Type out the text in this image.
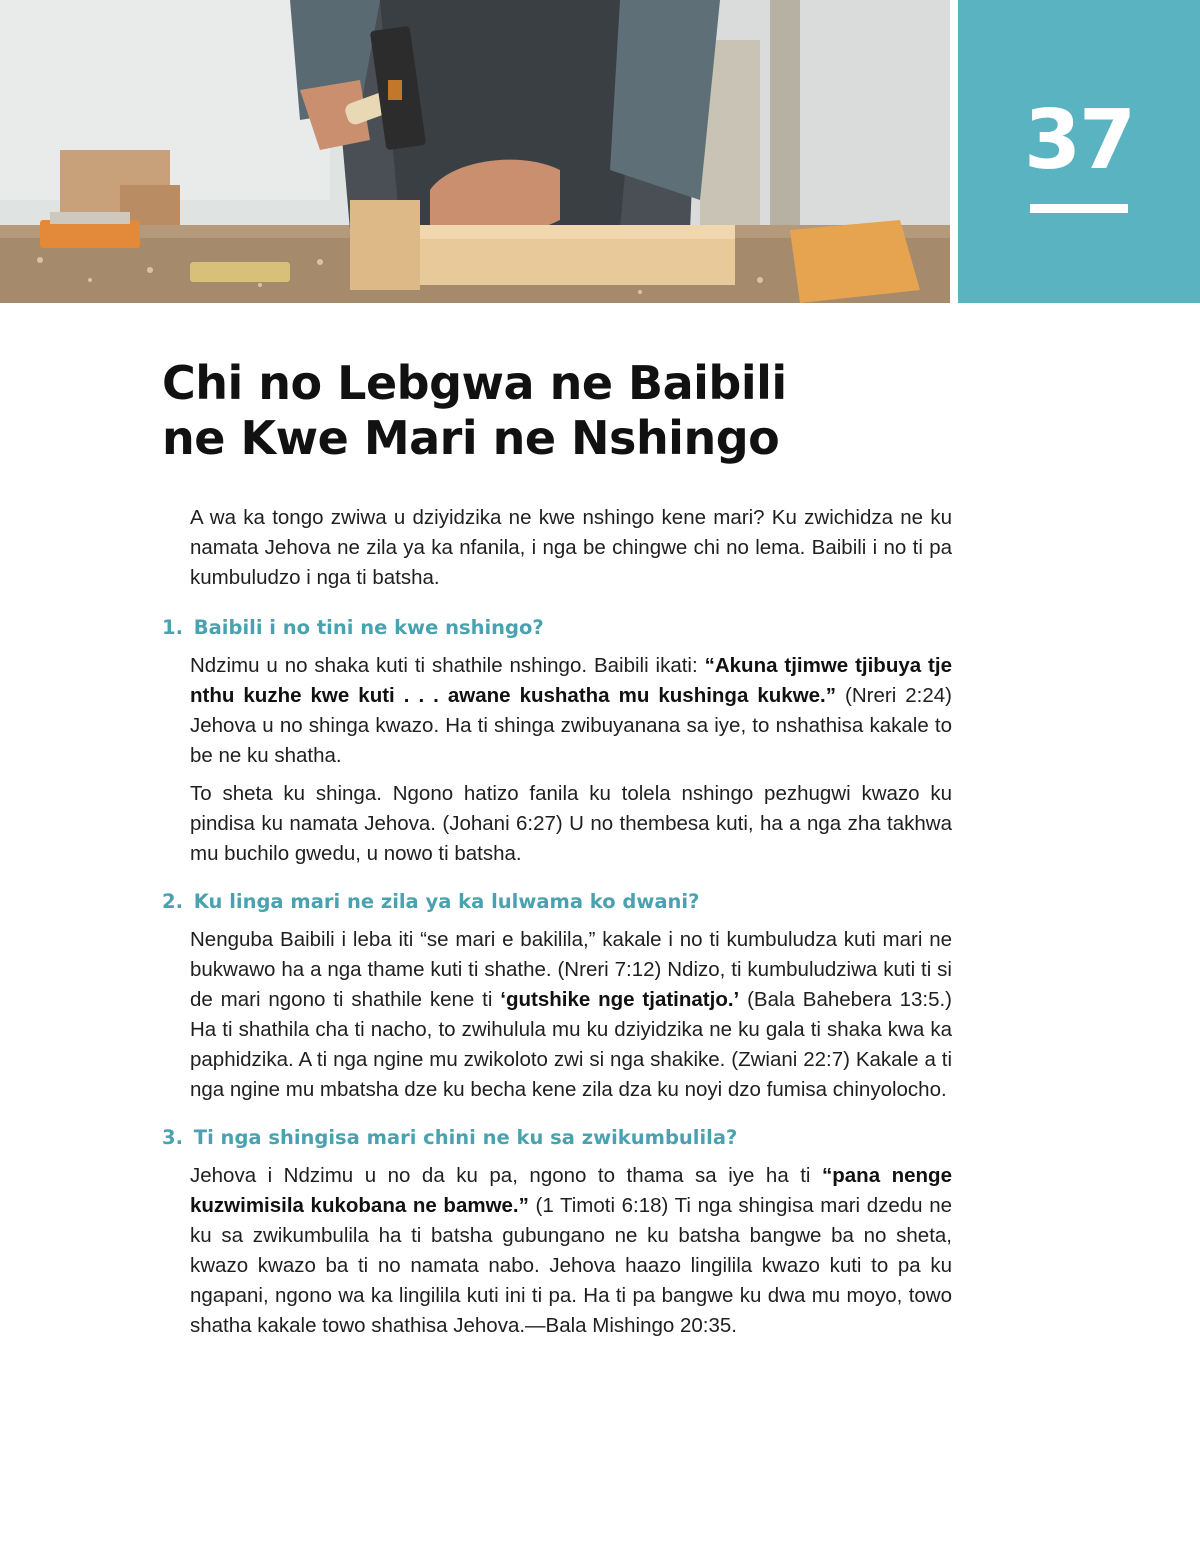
37
Chi no Lebgwa ne Baibili
ne Kwe Mari ne Nshingo

A wa ka tongo zwiwa u dziyidzika ne kwe nshingo kene mari? Ku zwichidza ne ku namata Jehova ne zila ya ka nfanila, i nga be chingwe chi no lema. Baibili i no ti pa kumbuludzo i nga ti batsha.

1. Baibili i no tini ne kwe nshingo?

Ndzimu u no shaka kuti ti shathile nshingo. Baibili ikati: “Akuna tjimwe tjibuya tje nthu kuzhe kwe kuti . . . awane kushatha mu kushinga kukwe.” (Nreri 2:24) Jehova u no shinga kwazo. Ha ti shinga zwibuyanana sa iye, to nshathisa kakale to be ne ku shatha.

To sheta ku shinga. Ngono hatizo fanila ku tolela nshingo pezhugwi kwazo ku pindisa ku namata Jehova. (Johani 6:27) U no thembesa kuti, ha a nga zha takhwa mu buchilo gwedu, u nowo ti batsha.

2. Ku linga mari ne zila ya ka lulwama ko dwani?

Nenguba Baibili i leba iti “se mari e bakilila,” kakale i no ti kumbuludza kuti mari ne bukwawo ha a nga thame kuti ti shathe. (Nreri 7:12) Ndizo, ti kumbuludziwa kuti ti si de mari ngono ti shathile kene ti ‘gutshike nge tjatinatjo.’ (Bala Bahebera 13:5.) Ha ti shathila cha ti nacho, to zwihulula mu ku dziyidzika ne ku gala ti shaka kwa ka paphidzika. A ti nga ngine mu zwikoloto zwi si nga shakike. (Zwiani 22:7) Kakale a ti nga ngine mu mbatsha dze ku becha kene zila dza ku noyi dzo fumisa chinyolocho.

3. Ti nga shingisa mari chini ne ku sa zwikumbulila?

Jehova i Ndzimu u no da ku pa, ngono to thama sa iye ha ti “pana nenge kuzwimisila kukobana ne bamwe.” (1 Timoti 6:18) Ti nga shingisa mari dzedu ne ku sa zwikumbulila ha ti batsha gubungano ne ku batsha bangwe ba no sheta, kwazo kwazo ba ti no namata nabo. Jehova haazo lingilila kwazo kuti to pa ku ngapani, ngono wa ka lingilila kuti ini ti pa. Ha ti pa bangwe ku dwa mu moyo, towo shatha kakale towo shathisa Jehova.—Bala Mishingo 20:35.
